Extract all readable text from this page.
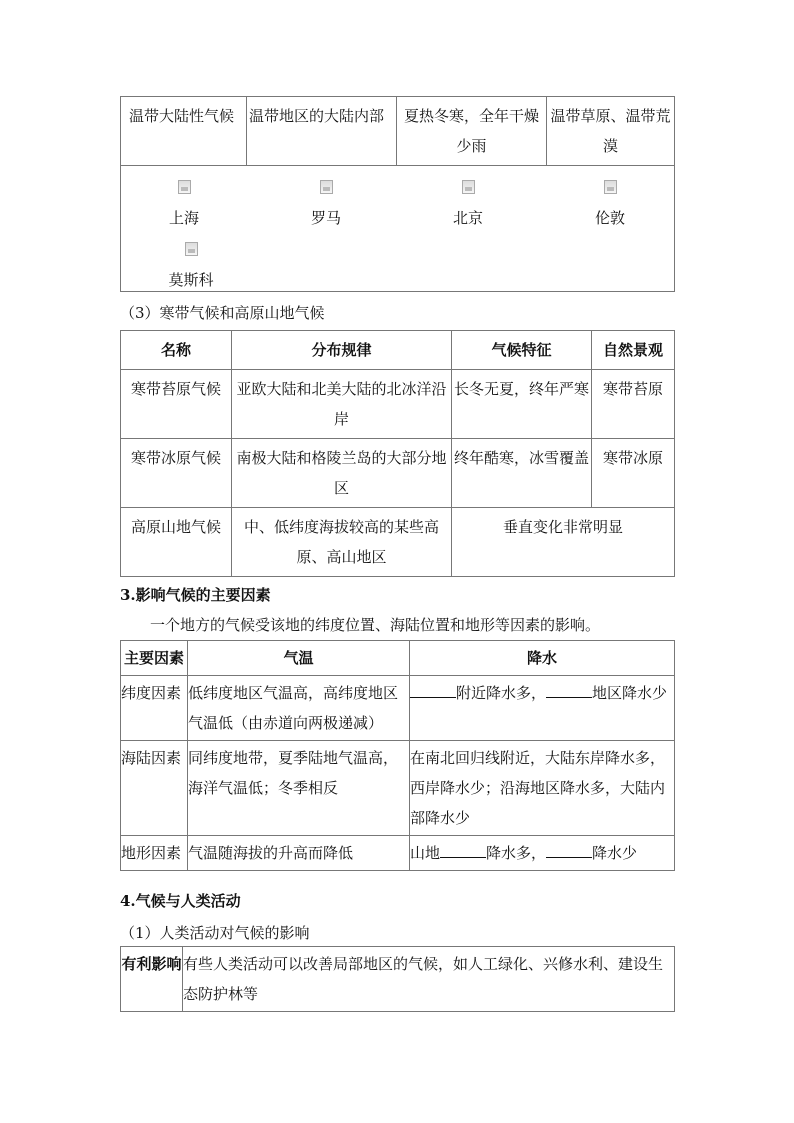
温带大陆性气候	温带地区的大陆内部	夏热冬寒，全年干燥少雨	温带草原、温带荒漠

上海	罗马	北京	伦敦
莫斯科
（3）寒带气候和高原山地气候
名称	分布规律	气候特征	自然景观
寒带苔原气候	亚欧大陆和北美大陆的北冰洋沿岸	长冬无夏，终年严寒	寒带苔原
寒带冰原气候	南极大陆和格陵兰岛的大部分地区	终年酷寒，冰雪覆盖	寒带冰原
高原山地气候	中、低纬度海拔较高的某些高原、高山地区	垂直变化非常明显	
3.影响气候的主要因素
一个地方的气候受该地的纬度位置、海陆位置和地形等因素的影响。
主要因素	气温	降水
纬度因素	低纬度地区气温高，高纬度地区气温低（由赤道向两极递减）	附近降水多， 地区降水少
海陆因素	同纬度地带，夏季陆地气温高，海洋气温低；冬季相反	在南北回归线附近，大陆东岸降水多，西岸降水少；沿海地区降水多，大陆内部降水少
地形因素	气温随海拔的升高而降低	山地 降水多， 降水少
4.气候与人类活动
（1）人类活动对气候的影响
有利影响	有些人类活动可以改善局部地区的气候，如人工绿化、兴修水利、建设生态防护林等
